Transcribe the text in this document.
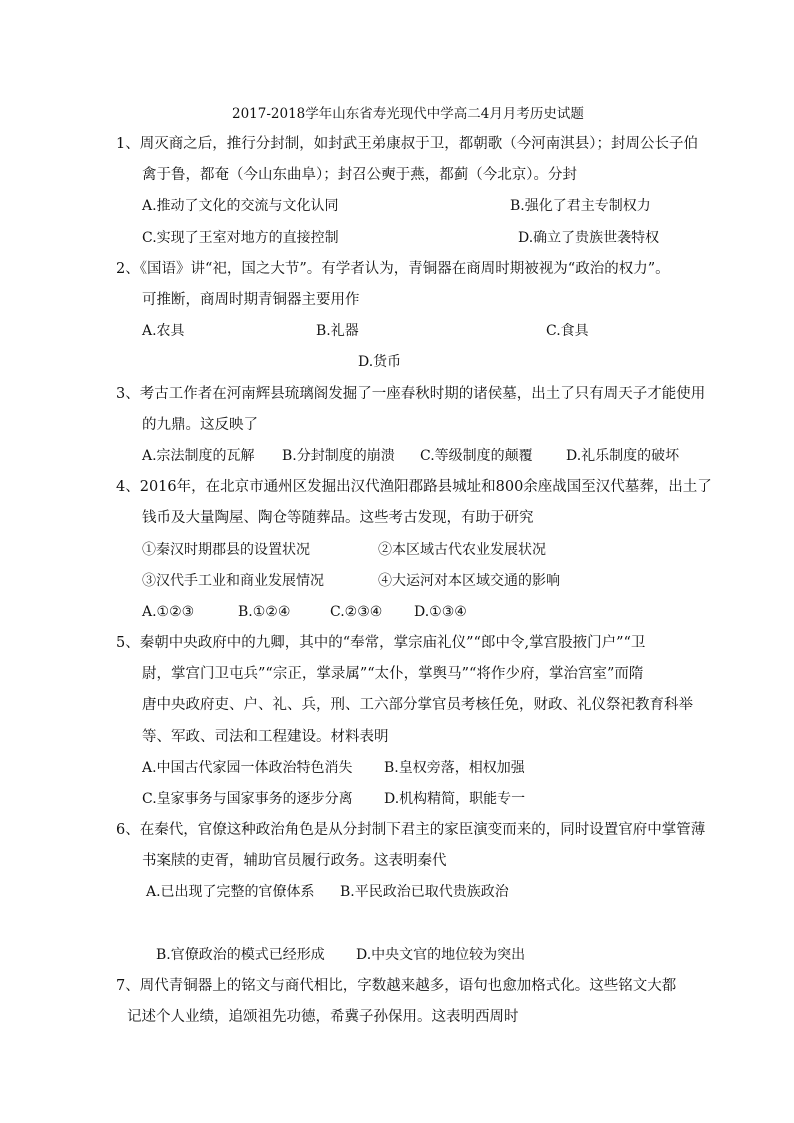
2017-2018学年山东省寿光现代中学高二4月月考历史试题
1、周灭商之后，推行分封制，如封武王弟康叔于卫，都朝歌（今河南淇县）；封周公长子伯
禽于鲁，都奄（今山东曲阜）；封召公奭于燕，都蓟（今北京）。分封
A.推动了文化的交流与文化认同	B.强化了君主专制权力
C.实现了王室对地方的直接控制	D.确立了贵族世袭特权
2、《国语》讲“祀，国之大节”。有学者认为，青铜器在商周时期被视为“政治的权力”。
可推断，商周时期青铜器主要用作
A.农具	B.礼器	C.食具
D.货币
3、考古工作者在河南辉县琉璃阁发掘了一座春秋时期的诸侯墓，出土了只有周天子才能使用
的九鼎。这反映了
A.宗法制度的瓦解 B.分封制度的崩溃 C.等级制度的颠覆 D.礼乐制度的破坏
4、2016年，在北京市通州区发掘出汉代渔阳郡路县城址和800余座战国至汉代墓葬，出土了
钱币及大量陶屋、陶仓等随葬品。这些考古发现，有助于研究
①秦汉时期郡县的设置状况	②本区域古代农业发展状况
③汉代手工业和商业发展情况	④大运河对本区域交通的影响
A.①②③	B.①②④	C.②③④ D.①③④
5、秦朝中央政府中的九卿，其中的“奉常，掌宗庙礼仪”“郎中令,掌宫股掖门户”“卫
尉，掌宫门卫屯兵”“宗正，掌录属”“太仆，掌舆马”“将作少府，掌治宫室”而隋
唐中央政府吏、户、礼、兵，刑、工六部分掌官员考核任免，财政、礼仪祭祀教育科举
等、军政、司法和工程建设。材料表明
A.中国古代家园一体政治特色消失 B.皇权旁落，相权加强
C.皇家事务与国家事务的逐步分离 D.机构精简，职能专一
6、在秦代，官僚这种政治角色是从分封制下君主的家臣演变而来的，同时设置官府中掌管薄
书案牍的吏胥，辅助官员履行政务。这表明秦代
A.已出现了完整的官僚体系 B.平民政治已取代贵族政治
B.官僚政治的模式已经形成 D.中央文官的地位较为突出
7、周代青铜器上的铭文与商代相比，字数越来越多，语句也愈加格式化。这些铭文大都
记述个人业绩，追颂祖先功德，希冀子孙保用。这表明西周时
